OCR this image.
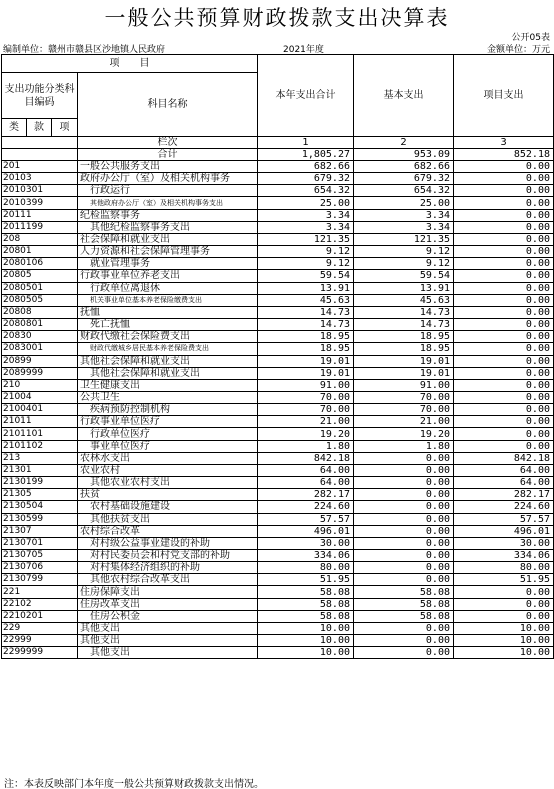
一般公共预算财政拨款支出决算表
公开05表
编制单位：赣州市赣县区沙地镇人民政府	2021年度	金额单位：万元
项　　目				本年支出合计	基本支出	项目支出
支出功能分类科目编码			科目名称			
类	款	项				
			栏次	1	2	3
			合计	1,805.27	953.09	852.18
201			一般公共服务支出	682.66	682.66	0.00
20103			政府办公厅（室）及相关机构事务	679.32	679.32	0.00
2010301			行政运行	654.32	654.32	0.00
2010399			其他政府办公厅（室）及相关机构事务支出	25.00	25.00	0.00
20111			纪检监察事务	3.34	3.34	0.00
2011199			其他纪检监察事务支出	3.34	3.34	0.00
208			社会保障和就业支出	121.35	121.35	0.00
20801			人力资源和社会保障管理事务	9.12	9.12	0.00
2080106			就业管理事务	9.12	9.12	0.00
20805			行政事业单位养老支出	59.54	59.54	0.00
2080501			行政单位离退休	13.91	13.91	0.00
2080505			机关事业单位基本养老保险缴费支出	45.63	45.63	0.00
20808			抚恤	14.73	14.73	0.00
2080801			死亡抚恤	14.73	14.73	0.00
20830			财政代缴社会保险费支出	18.95	18.95	0.00
2083001			财政代缴城乡居民基本养老保险费支出	18.95	18.95	0.00
20899			其他社会保障和就业支出	19.01	19.01	0.00
2089999			其他社会保障和就业支出	19.01	19.01	0.00
210			卫生健康支出	91.00	91.00	0.00
21004			公共卫生	70.00	70.00	0.00
2100401			疾病预防控制机构	70.00	70.00	0.00
21011			行政事业单位医疗	21.00	21.00	0.00
2101101			行政单位医疗	19.20	19.20	0.00
2101102			事业单位医疗	1.80	1.80	0.00
213			农林水支出	842.18	0.00	842.18
21301			农业农村	64.00	0.00	64.00
2130199			其他农业农村支出	64.00	0.00	64.00
21305			扶贫	282.17	0.00	282.17
2130504			农村基础设施建设	224.60	0.00	224.60
2130599			其他扶贫支出	57.57	0.00	57.57
21307			农村综合改革	496.01	0.00	496.01
2130701			对村级公益事业建设的补助	30.00	0.00	30.00
2130705			对村民委员会和村党支部的补助	334.06	0.00	334.06
2130706			对村集体经济组织的补助	80.00	0.00	80.00
2130799			其他农村综合改革支出	51.95	0.00	51.95
221			住房保障支出	58.08	58.08	0.00
22102			住房改革支出	58.08	58.08	0.00
2210201			住房公积金	58.08	58.08	0.00
229			其他支出	10.00	0.00	10.00
22999			其他支出	10.00	0.00	10.00
2299999			其他支出	10.00	0.00	10.00
注：本表反映部门本年度一般公共预算财政拨款支出情况。
